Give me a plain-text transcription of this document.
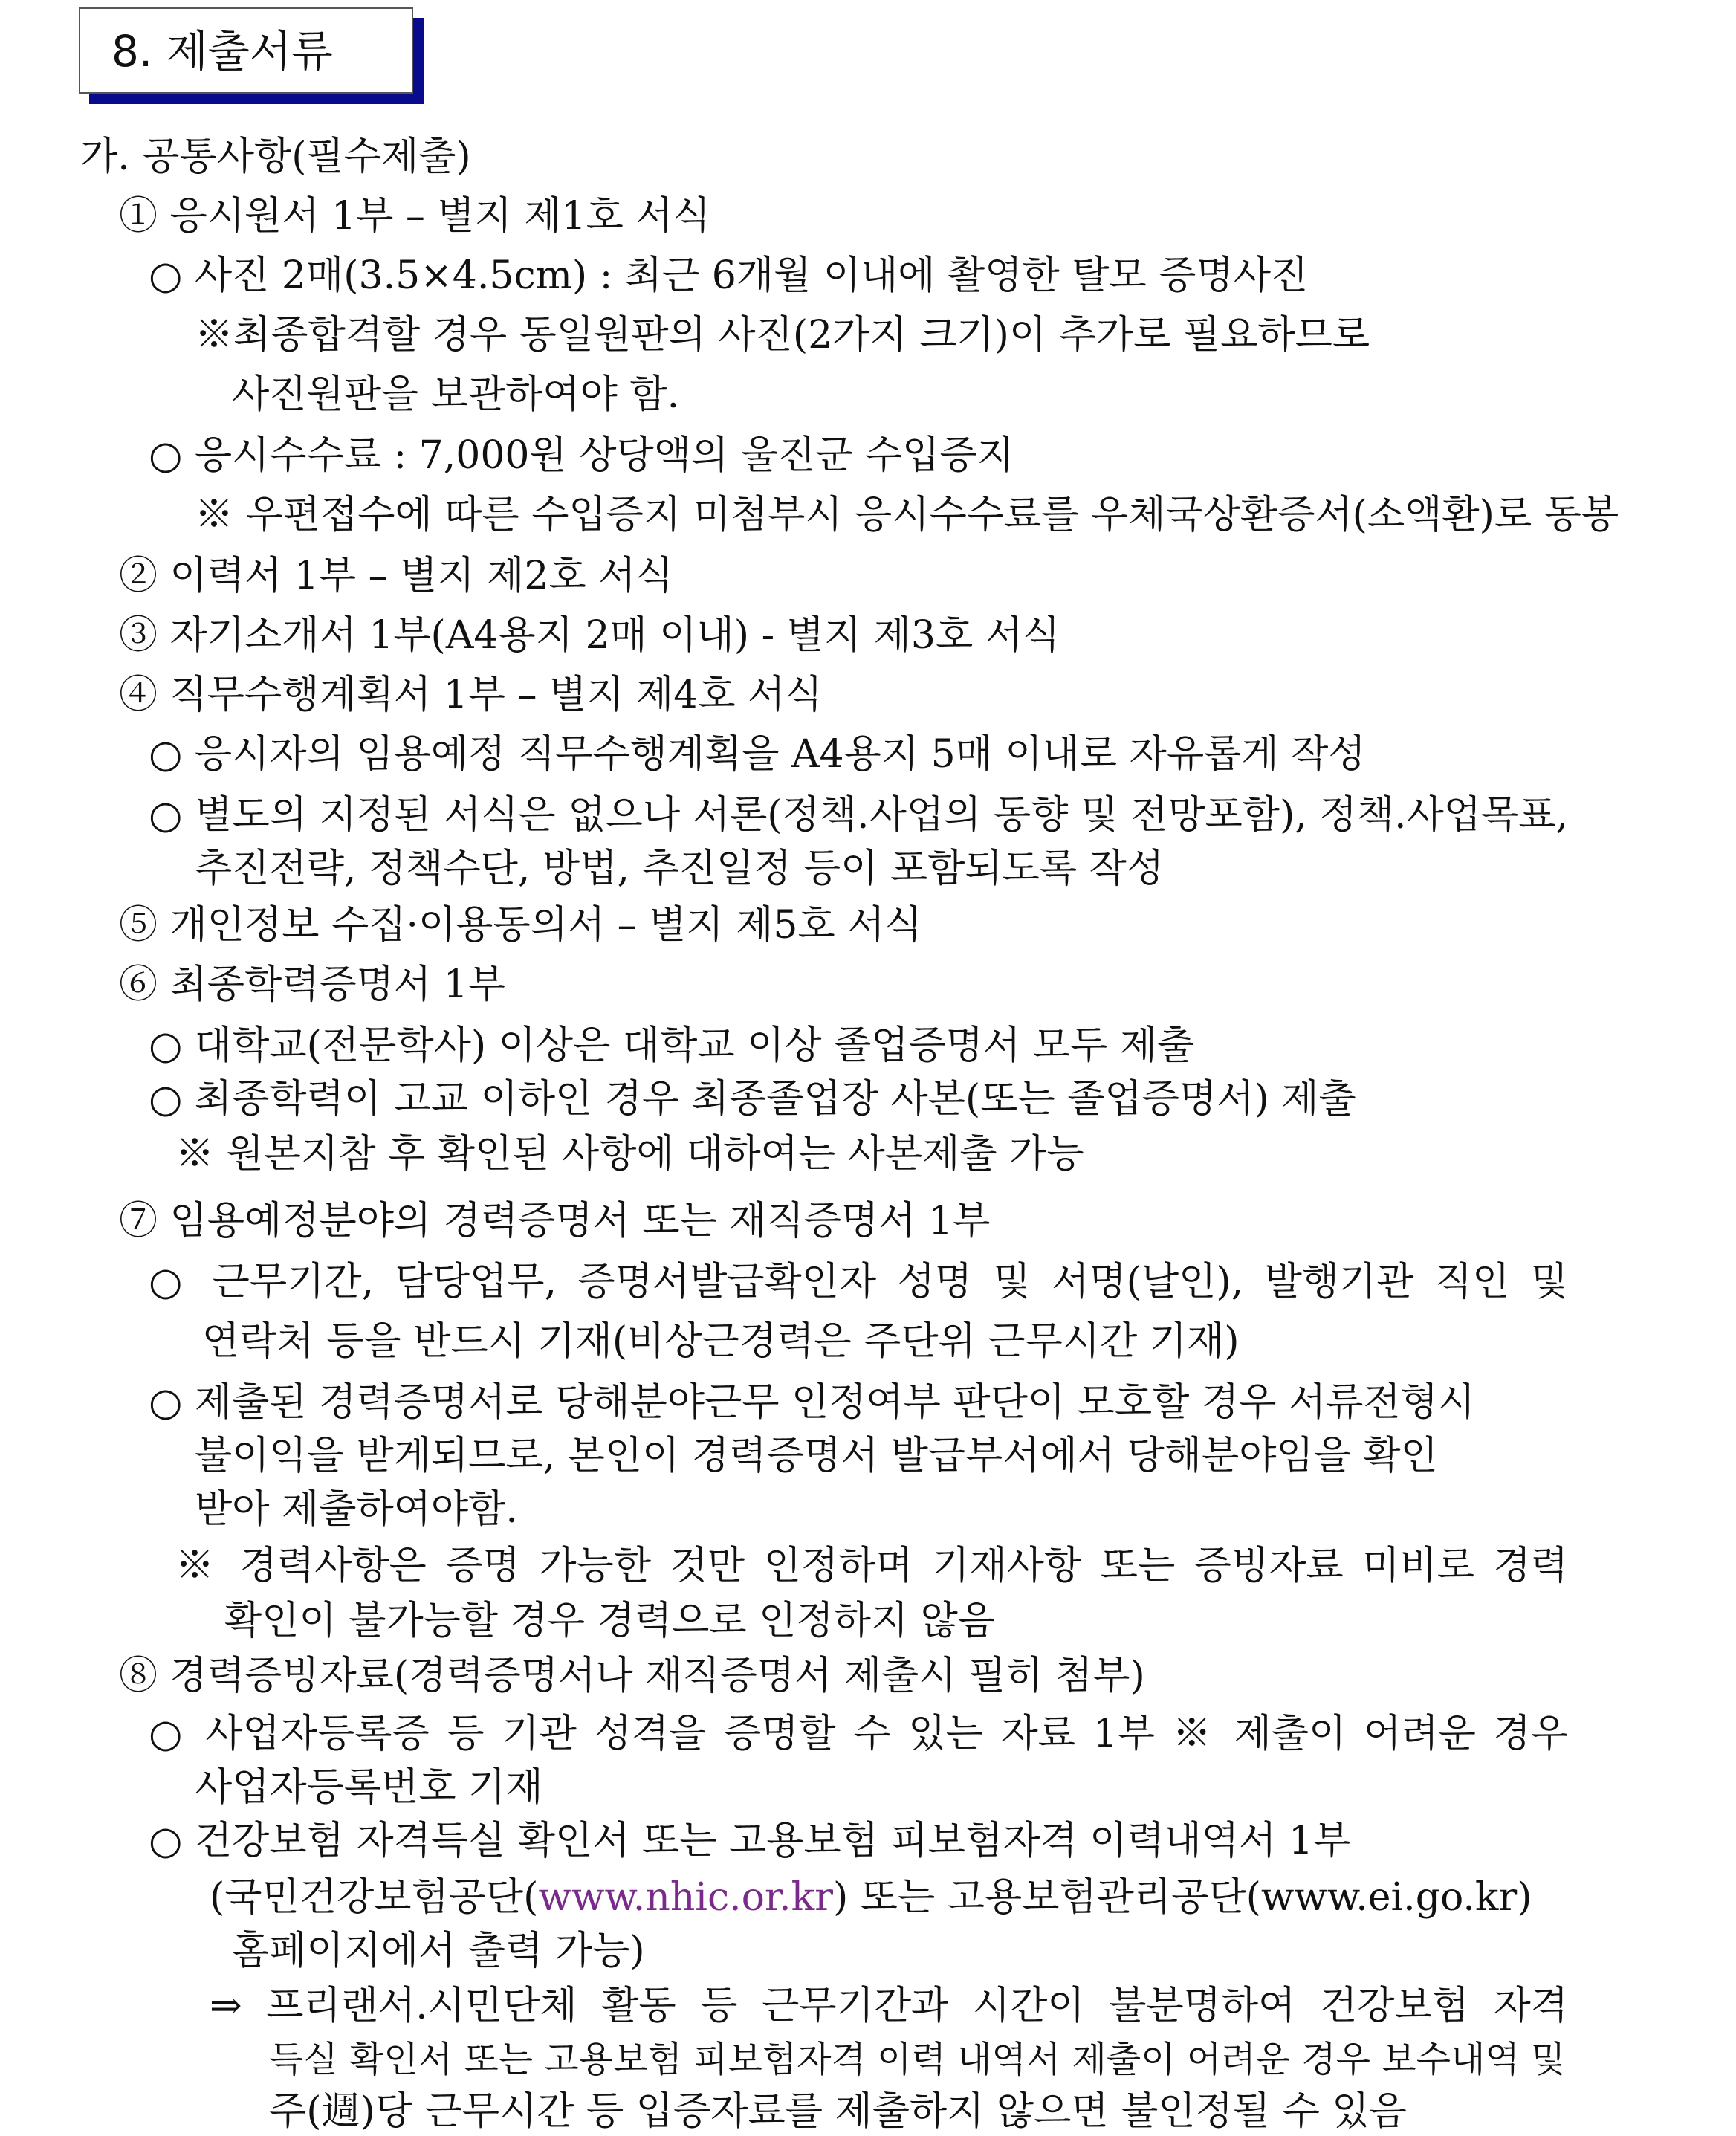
8. 제출서류
가. 공통사항(필수제출)
① 응시원서 1부 – 별지 제1호 서식
○ 사진 2매(3.5×4.5cm) : 최근 6개월 이내에 촬영한 탈모 증명사진
※최종합격할 경우 동일원판의 사진(2가지 크기)이 추가로 필요하므로
사진원판을 보관하여야 함.
○ 응시수수료 : 7,000원 상당액의 울진군 수입증지
※ 우편접수에 따른 수입증지 미첨부시 응시수수료를 우체국상환증서(소액환)로 동봉
② 이력서 1부 – 별지 제2호 서식
③ 자기소개서 1부(A4용지 2매 이내) - 별지 제3호 서식
④ 직무수행계획서 1부 – 별지 제4호 서식
○ 응시자의 임용예정 직무수행계획을 A4용지 5매 이내로 자유롭게 작성
○ 별도의 지정된 서식은 없으나 서론(정책.사업의 동향 및 전망포함), 정책.사업목표,
추진전략, 정책수단, 방법, 추진일정 등이 포함되도록 작성
⑤ 개인정보 수집·이용동의서 – 별지 제5호 서식
⑥ 최종학력증명서 1부
○ 대학교(전문학사) 이상은 대학교 이상 졸업증명서 모두 제출
○ 최종학력이 고교 이하인 경우 최종졸업장 사본(또는 졸업증명서) 제출
※ 원본지참 후 확인된 사항에 대하여는 사본제출 가능
⑦ 임용예정분야의 경력증명서 또는 재직증명서 1부
○ 근무기간, 담당업무, 증명서발급확인자 성명 및 서명(날인), 발행기관 직인 및
연락처 등을 반드시 기재(비상근경력은 주단위 근무시간 기재)
○ 제출된 경력증명서로 당해분야근무 인정여부 판단이 모호할 경우 서류전형시
불이익을 받게되므로, 본인이 경력증명서 발급부서에서 당해분야임을 확인
받아 제출하여야함.
※ 경력사항은 증명 가능한 것만 인정하며 기재사항 또는 증빙자료 미비로 경력
확인이 불가능할 경우 경력으로 인정하지 않음
⑧ 경력증빙자료(경력증명서나 재직증명서 제출시 필히 첨부)
○ 사업자등록증 등 기관 성격을 증명할 수 있는 자료 1부 ※ 제출이 어려운 경우
사업자등록번호 기재
○ 건강보험 자격득실 확인서 또는 고용보험 피보험자격 이력내역서 1부
(국민건강보험공단(www.nhic.or.kr) 또는 고용보험관리공단(www.ei.go.kr)
홈페이지에서 출력 가능)
⇒ 프리랜서.시민단체 활동 등 근무기간과 시간이 불분명하여 건강보험 자격
득실 확인서 또는 고용보험 피보험자격 이력 내역서 제출이 어려운 경우 보수내역 및
주(週)당 근무시간 등 입증자료를 제출하지 않으면 불인정될 수 있음
